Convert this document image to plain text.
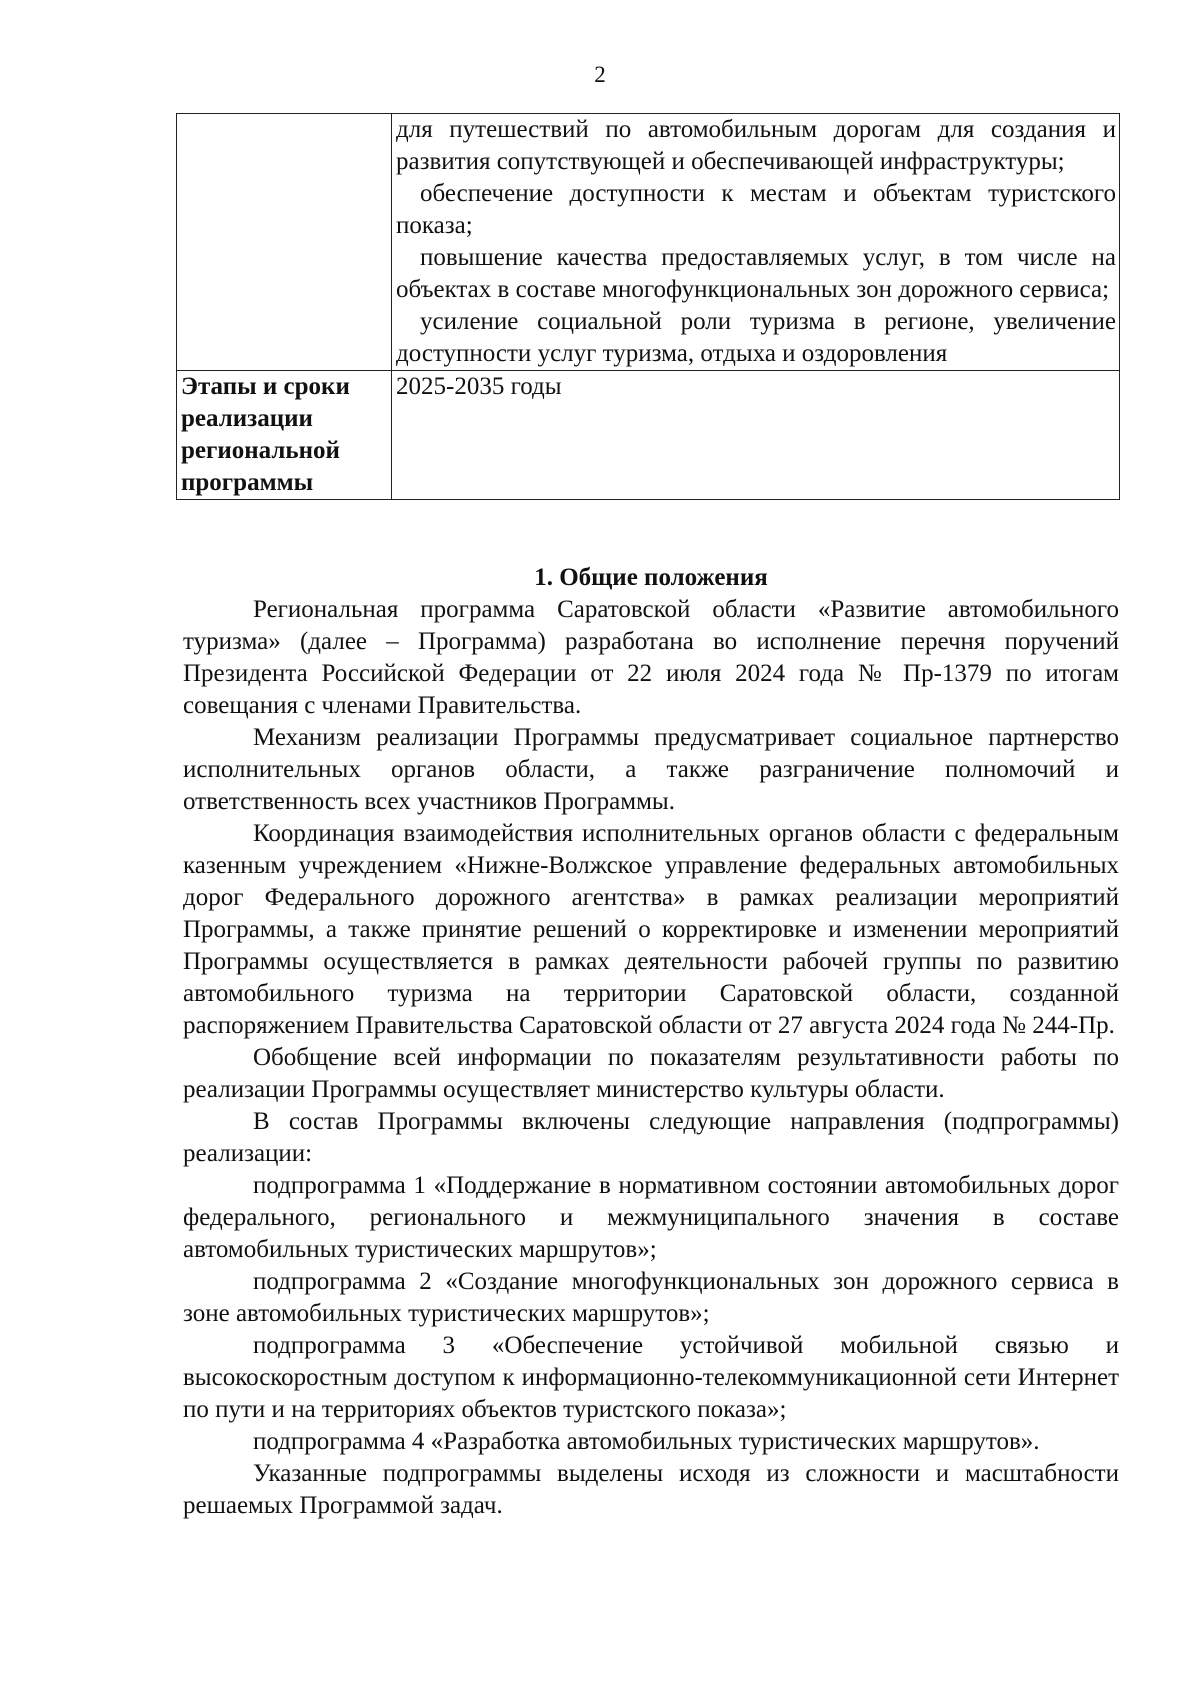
2

	для путешествий по автомобильным дорогам для создания и развития сопутствующей и обеспечивающей инфраструктуры;

обеспечение доступности к местам и объектам туристского показа;

повышение качества предоставляемых услуг, в том числе на объектах в составе многофункциональных зон дорожного сервиса;

усиление социальной роли туризма в регионе, увеличение доступности услуг туризма, отдыха и оздоровления

Этапы и сроки реализации региональной программы	2025-2035 годы

1. Общие положения

Региональная программа Саратовской области «Развитие автомобильного туризма» (далее – Программа) разработана во исполнение перечня поручений Президента Российской Федерации от 22 июля 2024 года № Пр-1379 по итогам совещания с членами Правительства.

Механизм реализации Программы предусматривает социальное партнерство исполнительных органов области, а также разграничение полномочий и ответственность всех участников Программы.

Координация взаимодействия исполнительных органов области с федеральным казенным учреждением «Нижне-Волжское управление федеральных автомобильных дорог Федерального дорожного агентства» в рамках реализации мероприятий Программы, а также принятие решений о корректировке и изменении мероприятий Программы осуществляется в рамках деятельности рабочей группы по развитию автомобильного туризма на территории Саратовской области, созданной распоряжением Правительства Саратовской области от 27 августа 2024 года № 244-Пр.

Обобщение всей информации по показателям результативности работы по реализации Программы осуществляет министерство культуры области.

В состав Программы включены следующие направления (подпрограммы) реализации:

подпрограмма 1 «Поддержание в нормативном состоянии автомобильных дорог федерального, регионального и межмуниципального значения в составе автомобильных туристических маршрутов»;

подпрограмма 2 «Создание многофункциональных зон дорожного сервиса в зоне автомобильных туристических маршрутов»;

подпрограмма 3 «Обеспечение устойчивой мобильной связью и высокоскоростным доступом к информационно-телекоммуникационной сети Интернет по пути и на территориях объектов туристского показа»;

подпрограмма 4 «Разработка автомобильных туристических маршрутов».

Указанные подпрограммы выделены исходя из сложности и масштабности решаемых Программой задач.
